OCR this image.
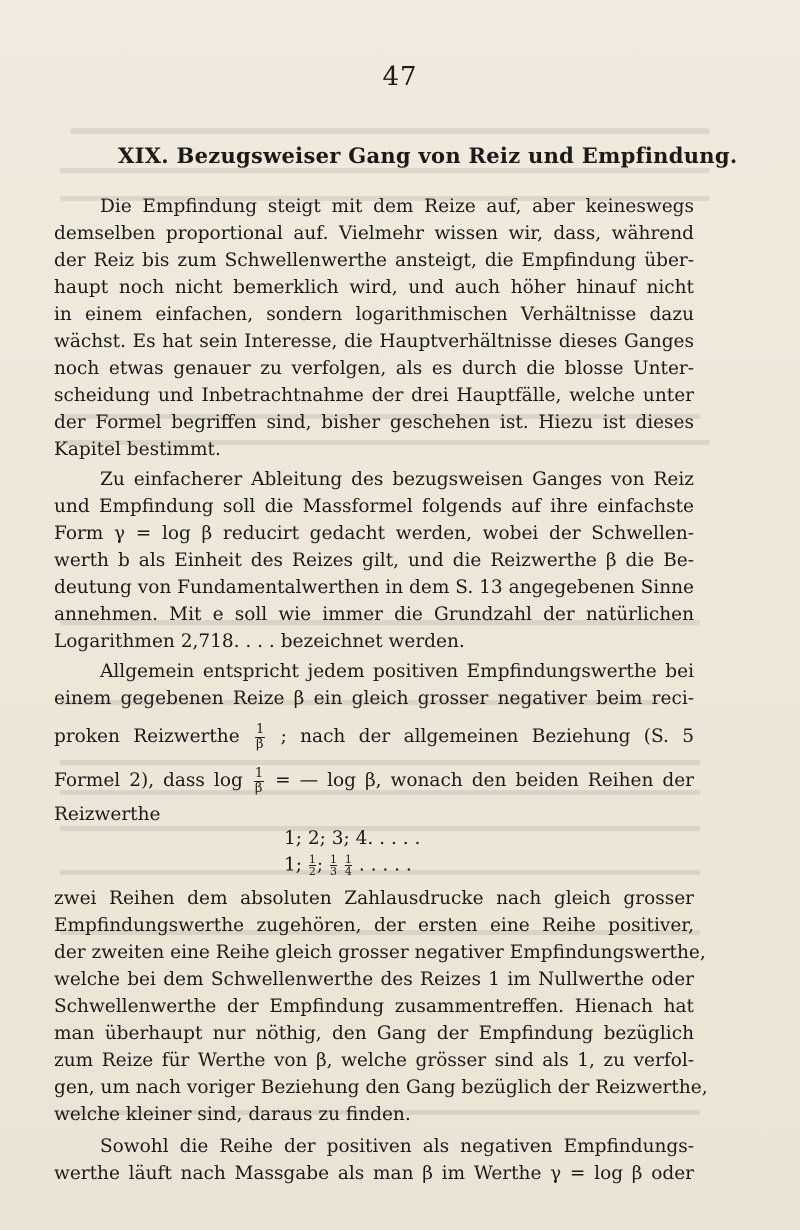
47
XIX. Bezugsweiser Gang von Reiz und Empfindung.
Die Empfindung steigt mit dem Reize auf, aber keineswegs
demselben proportional auf. Vielmehr wissen wir, dass, während
der Reiz bis zum Schwellenwerthe ansteigt, die Empfindung über-
haupt noch nicht bemerklich wird, und auch höher hinauf nicht
in einem einfachen, sondern logarithmischen Verhältnisse dazu
wächst. Es hat sein Interesse, die Hauptverhältnisse dieses Ganges
noch etwas genauer zu verfolgen, als es durch die blosse Unter-
scheidung und Inbetrachtnahme der drei Hauptfälle, welche unter
der Formel begriffen sind, bisher geschehen ist. Hiezu ist dieses
Kapitel bestimmt.
Zu einfacherer Ableitung des bezugsweisen Ganges von Reiz
und Empfindung soll die Massformel folgends auf ihre einfachste
Form γ = log β reducirt gedacht werden, wobei der Schwellen-
werth b als Einheit des Reizes gilt, und die Reizwerthe β die Be-
deutung von Fundamentalwerthen in dem S. 13 angegebenen Sinne
annehmen. Mit e soll wie immer die Grundzahl der natürlichen
Logarithmen 2,718. . . . bezeichnet werden.
Allgemein entspricht jedem positiven Empfindungswerthe bei
einem gegebenen Reize β ein gleich grosser negativer beim reci-
proken Reizwerthe $\frac{1}{\beta}$ ; nach der allgemeinen Beziehung (S. 5
Formel 2), dass $\log \frac{1}{\beta}$ = — log β, wonach den beiden Reihen der
Reizwerthe
1; 2; 3; 4. . . . .
1; $\frac{1}{2}$ ; $\frac{1}{3}$
$\frac{1}{4}$ . . . . .
zwei Reihen dem absoluten Zahlausdrucke nach gleich grosser
Empfindungswerthe zugehören, der ersten eine Reihe positiver,
der zweiten eine Reihe gleich grosser negativer Empfindungswerthe,
welche bei dem Schwellenwerthe des Reizes 1 im Nullwerthe oder
Schwellenwerthe der Empfindung zusammentreffen. Hienach hat
man überhaupt nur nöthig, den Gang der Empfindung bezüglich
zum Reize für Werthe von β, welche grösser sind als 1, zu verfol-
gen, um nach voriger Beziehung den Gang bezüglich der Reizwerthe,
welche kleiner sind, daraus zu finden.
Sowohl die Reihe der positiven als negativen Empfindungs-
werthe läuft nach Massgabe als man β im Werthe γ = log β oder
